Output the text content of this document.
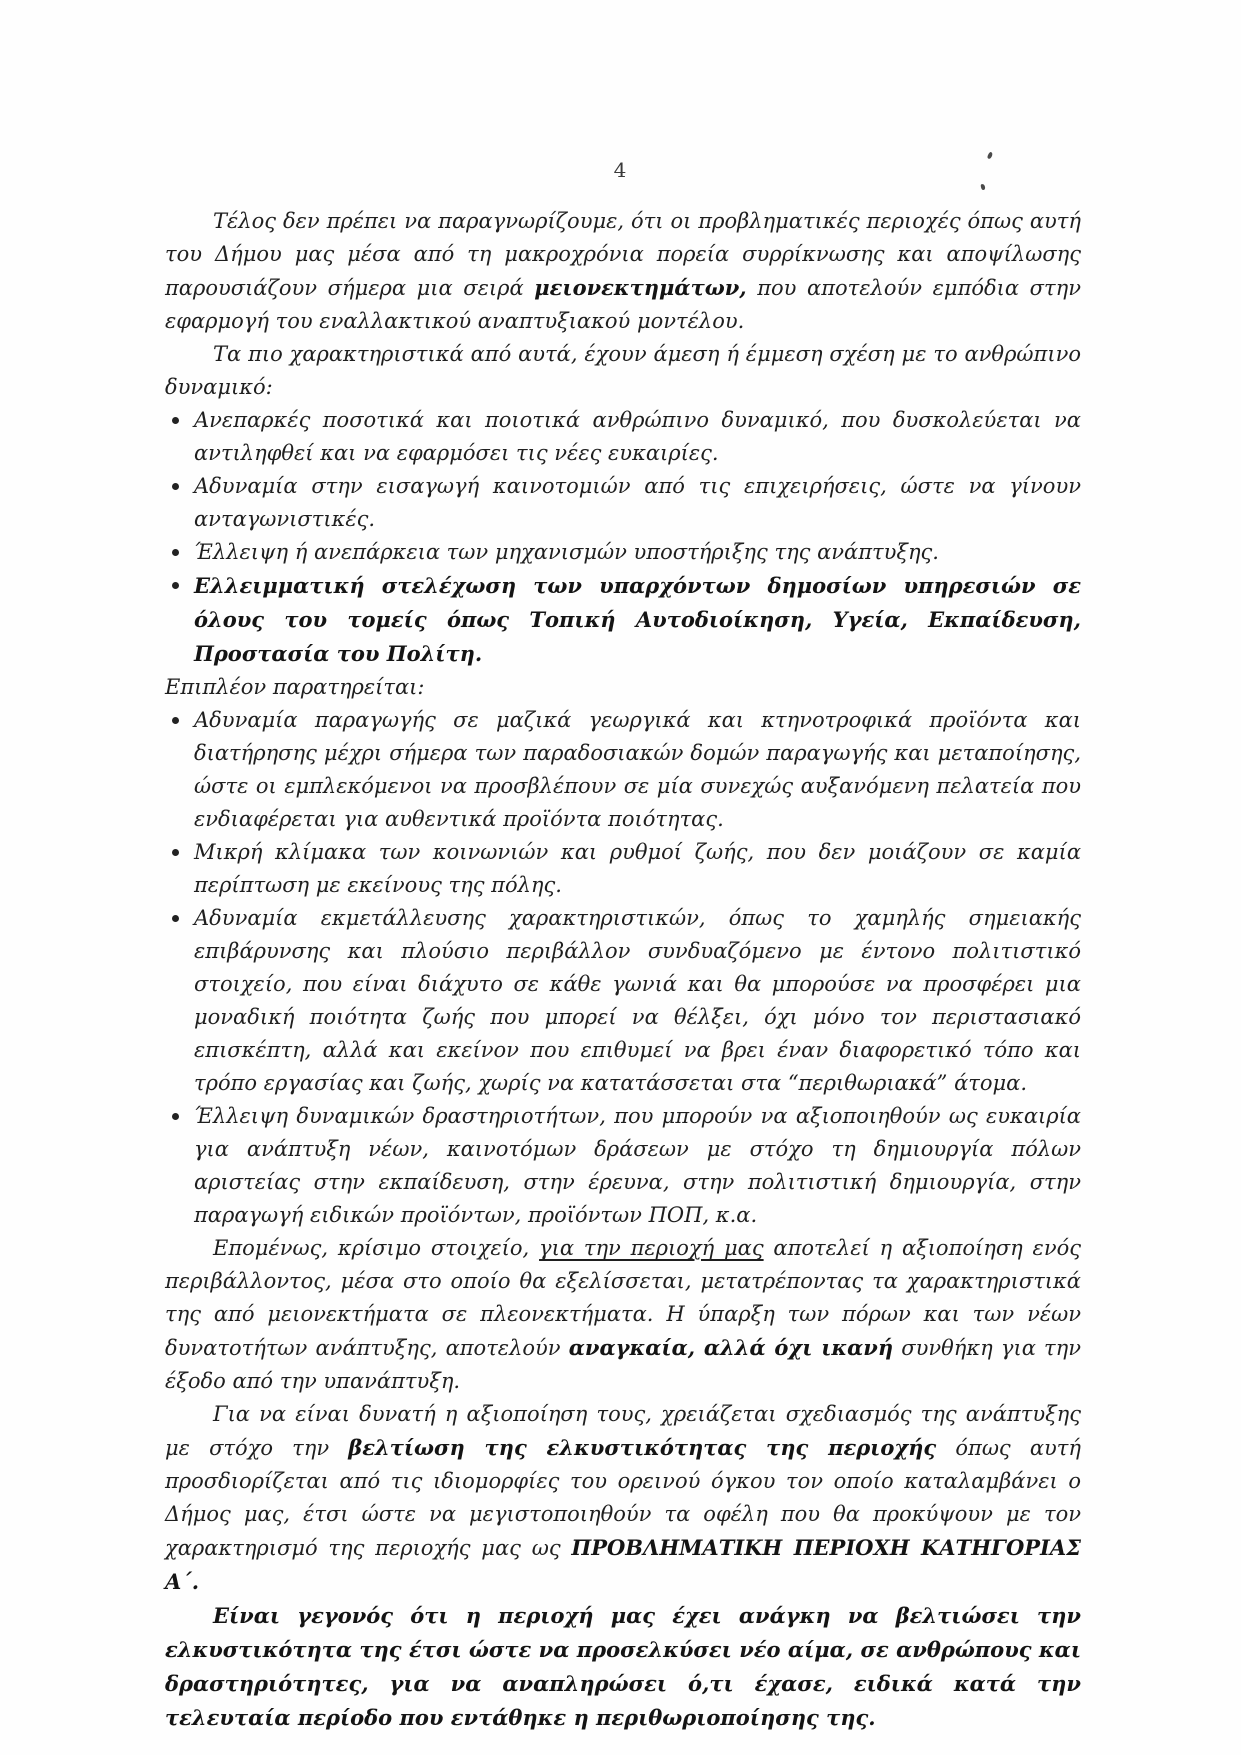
4
Τέλος δεν πρέπει να παραγνωρίζουμε, ότι οι προβληματικές περιοχές όπως αυτή του Δήμου μας μέσα από τη μακροχρόνια πορεία συρρίκνωσης και αποψίλωσης παρουσιάζουν σήμερα μια σειρά μειονεκτημάτων, που αποτελούν εμπόδια στην εφαρμογή του εναλλακτικού αναπτυξιακού μοντέλου.
Τα πιο χαρακτηριστικά από αυτά, έχουν άμεση ή έμμεση σχέση με το ανθρώπινο δυναμικό:
Ανεπαρκές ποσοτικά και ποιοτικά ανθρώπινο δυναμικό, που δυσκολεύεται να αντιληφθεί και να εφαρμόσει τις νέες ευκαιρίες.
Αδυναμία στην εισαγωγή καινοτομιών από τις επιχειρήσεις, ώστε να γίνουν ανταγωνιστικές.
Έλλειψη ή ανεπάρκεια των μηχανισμών υποστήριξης της ανάπτυξης.
Ελλειμματική στελέχωση των υπαρχόντων δημοσίων υπηρεσιών σε όλους του τομείς όπως Τοπική Αυτοδιοίκηση, Υγεία, Εκπαίδευση, Προστασία του Πολίτη.
Επιπλέον παρατηρείται:
Αδυναμία παραγωγής σε μαζικά γεωργικά και κτηνοτροφικά προϊόντα και διατήρησης μέχρι σήμερα των παραδοσιακών δομών παραγωγής και μεταποίησης, ώστε οι εμπλεκόμενοι να προσβλέπουν σε μία συνεχώς αυξανόμενη πελατεία που ενδιαφέρεται για αυθεντικά προϊόντα ποιότητας.
Μικρή κλίμακα των κοινωνιών και ρυθμοί ζωής, που δεν μοιάζουν σε καμία περίπτωση με εκείνους της πόλης.
Αδυναμία εκμετάλλευσης χαρακτηριστικών, όπως το χαμηλής σημειακής επιβάρυνσης και πλούσιο περιβάλλον συνδυαζόμενο με έντονο πολιτιστικό στοιχείο, που είναι διάχυτο σε κάθε γωνιά και θα μπορούσε να προσφέρει μια μοναδική ποιότητα ζωής που μπορεί να θέλξει, όχι μόνο τον περιστασιακό επισκέπτη, αλλά και εκείνον που επιθυμεί να βρει έναν διαφορετικό τόπο και τρόπο εργασίας και ζωής, χωρίς να κατατάσσεται στα “περιθωριακά” άτομα.
Έλλειψη δυναμικών δραστηριοτήτων, που μπορούν να αξιοποιηθούν ως ευκαιρία για ανάπτυξη νέων, καινοτόμων δράσεων με στόχο τη δημιουργία πόλων αριστείας στην εκπαίδευση, στην έρευνα, στην πολιτιστική δημιουργία, στην παραγωγή ειδικών προϊόντων, προϊόντων ΠΟΠ, κ.α.
Επομένως, κρίσιμο στοιχείο, για την περιοχή μας αποτελεί η αξιοποίηση ενός περιβάλλοντος, μέσα στο οποίο θα εξελίσσεται, μετατρέποντας τα χαρακτηριστικά της από μειονεκτήματα σε πλεονεκτήματα. Η ύπαρξη των πόρων και των νέων δυνατοτήτων ανάπτυξης, αποτελούν αναγκαία, αλλά όχι ικανή συνθήκη για την έξοδο από την υπανάπτυξη.
Για να είναι δυνατή η αξιοποίηση τους, χρειάζεται σχεδιασμός της ανάπτυξης με στόχο την βελτίωση της ελκυστικότητας της περιοχής όπως αυτή προσδιορίζεται από τις ιδιομορφίες του ορεινού όγκου τον οποίο καταλαμβάνει ο Δήμος μας, έτσι ώστε να μεγιστοποιηθούν τα οφέλη που θα προκύψουν με τον χαρακτηρισμό της περιοχής μας ως ΠΡΟΒΛΗΜΑΤΙΚΗ ΠΕΡΙΟΧΗ ΚΑΤΗΓΟΡΙΑΣ Α΄.
Είναι γεγονός ότι η περιοχή μας έχει ανάγκη να βελτιώσει την ελκυστικότητα της έτσι ώστε να προσελκύσει νέο αίμα, σε ανθρώπους και δραστηριότητες, για να αναπληρώσει ό,τι έχασε, ειδικά κατά την τελευταία περίοδο που εντάθηκε η περιθωριοποίησης της.
